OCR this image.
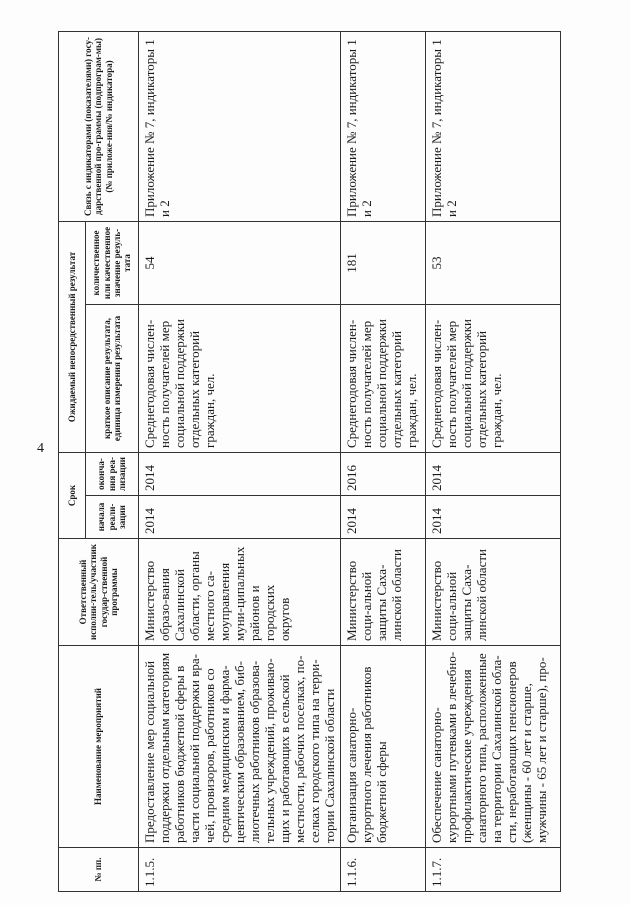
4
№ пп.	Наименование мероприятий	Ответственный исполни-тель/участник государ-ственной программы	Срок		Ожидаемый непосредственный результат		Связь с индикаторами (показателями) госу-дарственной про-граммы (подпрограм-мы) (№ приложе-ния/№ индикатора)
			начала реали-зации	оконча-ния реа-лизации	краткое описание результата, единица измерения результата	количественное или качественное значение резуль-тата	
1.1.5.	Предоставление мер социальной поддержки отдельным категориям работников бюджетной сферы в части социальной поддержки вра-чей, провизоров, работников со средним медицинским и фарма-цевтическим образованием, биб-лиотечных работников образова-тельных учреждений, проживаю-щих и работающих в сельской местности, рабочих поселках, по-селках городского типа на терри-тории Сахалинской области	Министерство образо-вания Сахалинской области, органы местного са-моуправления муни-ципальных районов и городских округов	2014	2014	Среднегодовая числен-ность получателей мер социальной поддержки отдельных категорий граждан, чел.	54	Приложение № 7, индикаторы 1 и 2
1.1.6.	Организация санаторно-курортного лечения работников бюджетной сферы	Министерство соци-альной защиты Саха-линской области	2014	2016	Среднегодовая числен-ность получателей мер социальной поддержки отдельных категорий граждан, чел.	181	Приложение № 7, индикаторы 1 и 2
1.1.7.	Обеспечение санаторно-курортными путевками в лечебно-профилактические учреждения санаторного типа, расположенные на территории Сахалинской обла-сти, неработающих пенсионеров (женщины - 60 лет и старше, мужчины - 65 лет и старше), про-	Министерство соци-альной защиты Саха-линской области	2014	2014	Среднегодовая числен-ность получателей мер социальной поддержки отдельных категорий граждан, чел.	53	Приложение № 7, индикаторы 1 и 2
